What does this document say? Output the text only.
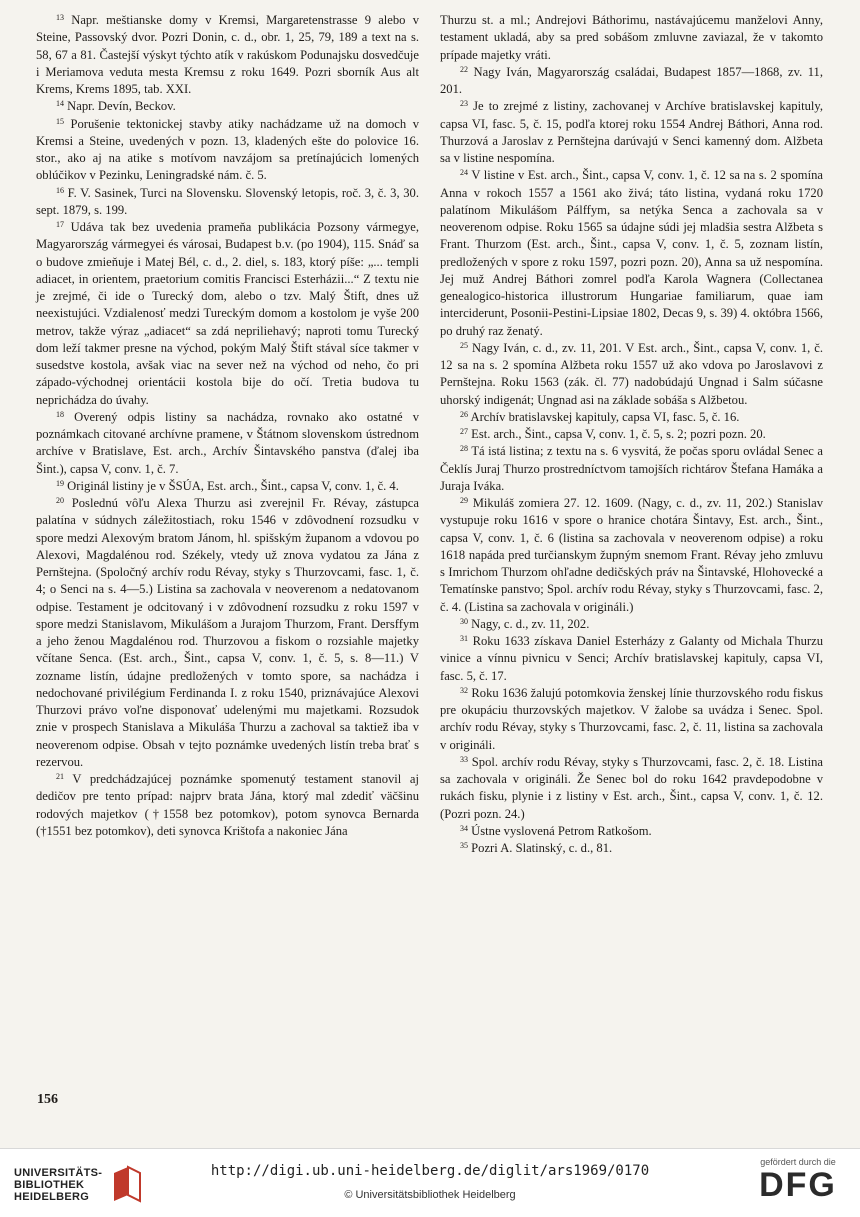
$^{13}$ Napr. meštianske domy v Kremsi, Margaretenstrasse 9 alebo v Steine, Passovský dvor. Pozri Donin, c. d., obr. 1, 25, 79, 189 a text na s. 58, 67 a 81. Častejší výskyt týchto atík v rakúskom Podunajsku dosvedčuje i Meriamova veduta mesta Kremsu z roku 1649. Pozri sborník Aus alt Krems, Krems 1895, tab. XXI.

$^{14}$ Napr. Devín, Beckov.

$^{15}$ Porušenie tektonickej stavby atiky nachádzame už na domoch v Kremsi a Steine, uvedených v pozn. 13, kladených ešte do polovice 16. stor., ako aj na atike s motívom navzájom sa pretínajúcich lomených oblúčikov v Pezinku, Leningradské nám. č. 5.

$^{16}$ F. V. Sasinek, Turci na Slovensku. Slovenský letopis, roč. 3, č. 3, 30. sept. 1879, s. 199.

$^{17}$ Udáva tak bez uvedenia prameňa publikácia Pozsony vármegyе, Magyarország vármegyei és városai, Budapest b.v. (po 1904), 115. Snáď sa o budove zmieňuje i Matej Bél, c. d., 2. diel, s. 183, ktorý píše: „... templi adiacet, in orientem, praetorium comitis Francisci Esterházii...“ Z textu nie je zrejmé, či ide o Turecký dom, alebo o tzv. Malý Štift, dnes už neexistujúci. Vzdialenosť medzi Tureckým domom a kostolom je vyše 200 metrov, takže výraz „adiacet“ sa zdá nepriliehavý; naproti tomu Turecký dom leží takmer presne na východ, pokým Malý Štift stával síce takmer v susedstve kostola, avšak viac na sever než na východ od neho, čo pri západo-východnej orientácii kostola bije do očí. Tretia budova tu neprichádza do úvahy.

$^{18}$ Overený odpis listiny sa nachádza, rovnako ako ostatné v poznámkach citované archívne pramene, v Štátnom slovenskom ústrednom archíve v Bratislave, Est. arch., Archív Šintavského panstva (ďalej iba Šint.), capsa V, conv. 1, č. 7.

$^{19}$ Originál listiny je v ŠSÚA, Est. arch., Šint., capsa V, conv. 1, č. 4.

$^{20}$ Poslednú vôľu Alexa Thurzu asi zverejnil Fr. Révay, zástupca palatína v súdnych záležitostiach, roku 1546 v zdôvodnení rozsudku v spore medzi Alexovým bratom Jánom, hl. spišským županom a vdovou po Alexovi, Magdalénou rod. Székely, vtedy už znova vydatou za Jána z Pernštejna. (Spoločný archív rodu Révay, styky s Thurzovcami, fasc. 1, č. 4; o Senci na s. 4—5.) Listina sa zachovala v neoverenom a nedatovanom odpise. Testament je odcitovaný i v zdôvodnení rozsudku z roku 1597 v spore medzi Stanislavom, Mikulášom a Jurajom Thurzom, Frant. Dersffym a jeho ženou Magdalénou rod. Thurzovou a fiskom o rozsiahle majetky včítane Senca. (Est. arch., Šint., capsa V, conv. 1, č. 5, s. 8—11.) V zozname listín, údajne predložených v tomto spore, sa nachádza i nedochované privilégium Ferdinanda I. z roku 1540, priznávajúce Alexovi Thurzovi právo voľne disponovať udelenými mu majetkami. Rozsudok znie v prospech Stanislava a Mikuláša Thurzu a zachoval sa taktiež iba v neoverenom odpise. Obsah v tejto poznámke uvedených listín treba brať s rezervou.

$^{21}$ V predchádzajúcej poznámke spomenutý testament stanovil aj dedičov pre tento prípad: najprv brata Jána, ktorý mal zdediť väčšinu rodových majetkov (†1558 bez potomkov), potom synovca Bernarda (†1551 bez potomkov), deti synovca Krištofa a nakoniec Jána

Thurzu st. a ml.; Andrejovi Báthorimu, nastávajúcemu manželovi Anny, testament ukladá, aby sa pred sobášom zmluvne zaviazal, že v takomto prípade majetky vráti.

$^{22}$ Nagy Iván, Magyarország családai, Budapest 1857—1868, zv. 11, 201.

$^{23}$ Je to zrejmé z listiny, zachovanej v Archíve bratislavskej kapituly, capsa VI, fasc. 5, č. 15, podľa ktorej roku 1554 Andrej Báthori, Anna rod. Thurzová a Jaroslav z Pernštejna darúvajú v Senci kamenný dom. Alžbeta sa v listine nespomína.

$^{24}$ V listine v Est. arch., Šint., capsa V, conv. 1, č. 12 sa na s. 2 spomína Anna v rokoch 1557 a 1561 ako živá; táto listina, vydaná roku 1720 palatínom Mikulášom Pálffym, sa netýka Senca a zachovala sa v neoverenom odpise. Roku 1565 sa údajne súdi jej mladšia sestra Alžbeta s Frant. Thurzom (Est. arch., Šint., capsa V, conv. 1, č. 5, zoznam listín, predložených v spore z roku 1597, pozri pozn. 20), Anna sa už nespomína. Jej muž Andrej Báthori zomrel podľa Karola Wagnera (Collectanea genealogico-historica illustrorum Hungariae familiarum, quae iam interciderunt, Posonii-Pestini-Lipsiae 1802, Decas 9, s. 39) 4. októbra 1566, po druhý raz ženatý.

$^{25}$ Nagy Iván, c. d., zv. 11, 201. V Est. arch., Šint., capsa V, conv. 1, č. 12 sa na s. 2 spomína Alžbeta roku 1557 už ako vdova po Jaroslavovi z Pernštejna. Roku 1563 (zák. čl. 77) nadobúdajú Ungnad i Salm súčasne uhorský indigenát; Ungnad asi na základe sobáša s Alžbetou.

$^{26}$ Archív bratislavskej kapituly, capsa VI, fasc. 5, č. 16.

$^{27}$ Est. arch., Šint., capsa V, conv. 1, č. 5, s. 2; pozri pozn. 20.

$^{28}$ Tá istá listina; z textu na s. 6 vysvitá, že počas sporu ovládal Senec a Čeklís Juraj Thurzo prostredníctvom tamojších richtárov Štefana Hamáka a Juraja Iváka.

$^{29}$ Mikuláš zomiera 27. 12. 1609. (Nagy, c. d., zv. 11, 202.) Stanislav vystupuje roku 1616 v spore o hranice chotára Šintavy, Est. arch., Šint., capsa V, conv. 1, č. 6 (listina sa zachovala v neoverenom odpise) a roku 1618 napáda pred turčianskym župným snemom Frant. Révay jeho zmluvu s Imrichom Thurzom ohľadne dedičských práv na Šintavské, Hlohovecké a Tematínske panstvo; Spol. archív rodu Révay, styky s Thurzovcami, fasc. 2, č. 4. (Listina sa zachovala v origináli.)

$^{30}$ Nagy, c. d., zv. 11, 202.

$^{31}$ Roku 1633 získava Daniel Esterházy z Galanty od Michala Thurzu vinice a vínnu pivnicu v Senci; Archív bratislavskej kapituly, capsa VI, fasc. 5, č. 17.

$^{32}$ Roku 1636 žalujú potomkovia ženskej línie thurzovského rodu fiskus pre okupáciu thurzovských majetkov. V žalobe sa uvádza i Senec. Spol. archív rodu Révay, styky s Thurzovcami, fasc. 2, č. 11, listina sa zachovala v origináli.

$^{33}$ Spol. archív rodu Révay, styky s Thurzovcami, fasc. 2, č. 18. Listina sa zachovala v origináli. Že Senec bol do roku 1642 pravdepodobne v rukách fisku, plynie i z listiny v Est. arch., Šint., capsa V, conv. 1, č. 12. (Pozri pozn. 24.)

$^{34}$ Ústne vyslovená Petrom Ratkošom.

$^{35}$ Pozri A. Slatinský, c. d., 81.

156
UNIVERSITÄTS-
BIBLIOTHEK
HEIDELBERG
http://digi.ub.uni-heidelberg.de/diglit/ars1969/0170
© Universitätsbibliothek Heidelberg
gefördert durch die
DFG
